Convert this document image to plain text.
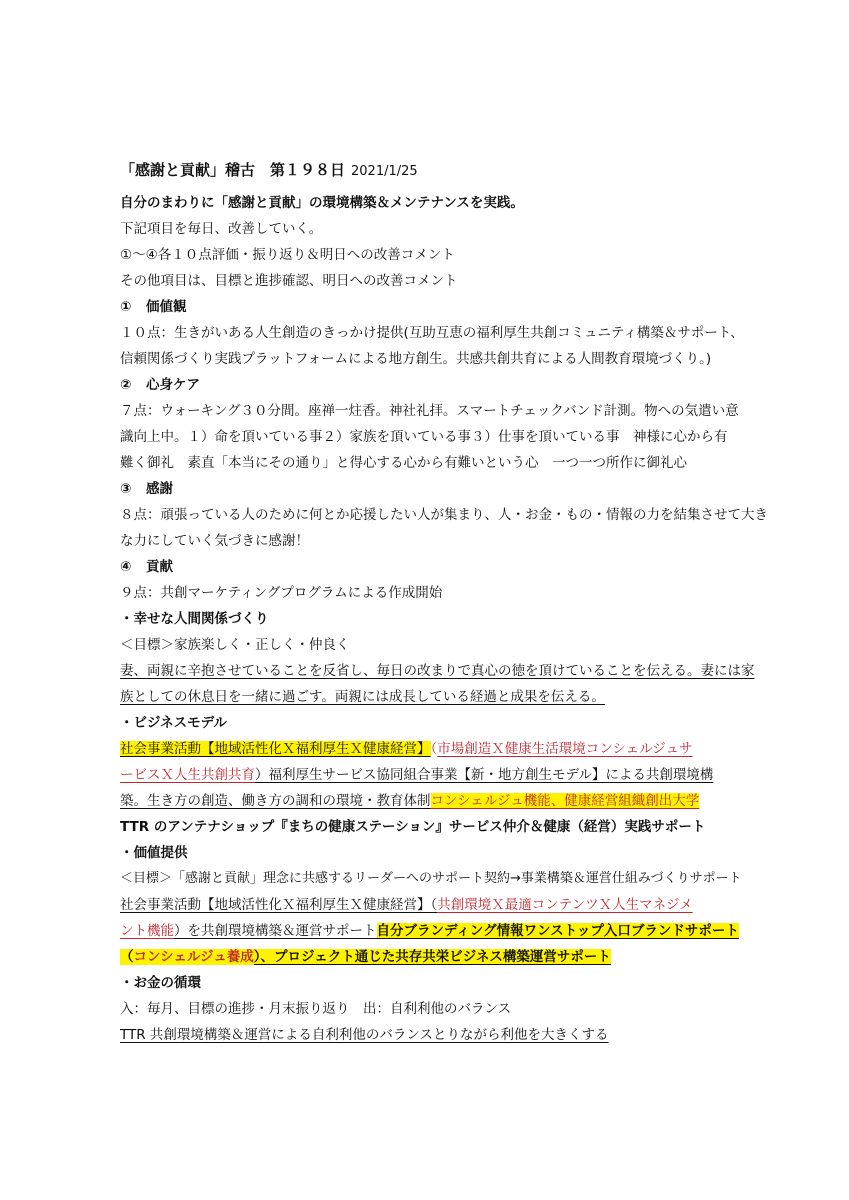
「感謝と貢献」稽古　第１９８日 2021/1/25
自分のまわりに「感謝と貢献」の環境構築＆メンテナンスを実践。
下記項目を毎日、改善していく。
①～④各１０点評価・振り返り＆明日への改善コメント
その他項目は、目標と進捗確認、明日への改善コメント
① 価値観
１０点：生きがいある人生創造のきっかけ提供(互助互恵の福利厚生共創コミュニティ構築＆サポート、
信頼関係づくり実践プラットフォームによる地方創生。共感共創共育による人間教育環境づくり。)
② 心身ケア
７点：ウォーキング３０分間。座禅一炷香。神社礼拝。スマートチェックバンド計測。物への気遣い意
識向上中。１）命を頂いている事２）家族を頂いている事３）仕事を頂いている事　神様に心から有
難く御礼　素直「本当にその通り」と得心する心から有難いという心　一つ一つ所作に御礼心
③ 感謝
８点：頑張っている人のために何とか応援したい人が集まり、人・お金・もの・情報の力を結集させて大き
な力にしていく気づきに感謝！
④ 貢献
９点：共創マーケティングプログラムによる作成開始
・幸せな人間関係づくり
＜目標＞家族楽しく・正しく・仲良く
妻、両親に辛抱させていることを反省し、毎日の改まりで真心の徳を頂けていることを伝える。妻には家
族としての休息日を一緒に過ごす。両親には成長している経過と成果を伝える。
・ビジネスモデル
社会事業活動【地域活性化Ｘ福利厚生Ｘ健康経営】（市場創造Ｘ健康生活環境コンシェルジュサ
ービスＸ人生共創共育）福利厚生サービス協同組合事業【新・地方創生モデル】による共創環境構
築。生き方の創造、働き方の調和の環境・教育体制コンシェルジュ機能、健康経営組織創出大学
TTR のアンテナショップ『まちの健康ステーション』サービス仲介＆健康（経営）実践サポート
・価値提供
＜目標＞「感謝と貢献」理念に共感するリーダーへのサポート契約→事業構築＆運営仕組みづくりサポート
社会事業活動【地域活性化Ｘ福利厚生Ｘ健康経営】（共創環境Ｘ最適コンテンツＸ人生マネジメ
ント機能）を共創環境構築＆運営サポート自分ブランディング情報ワンストップ入口ブランドサポート
（コンシェルジュ養成）、プロジェクト通じた共存共栄ビジネス構築運営サポート
・お金の循環
入：毎月、目標の進捗・月末振り返り　出：自利利他のバランス
TTR 共創環境構築＆運営による自利利他のバランスとりながら利他を大きくする
